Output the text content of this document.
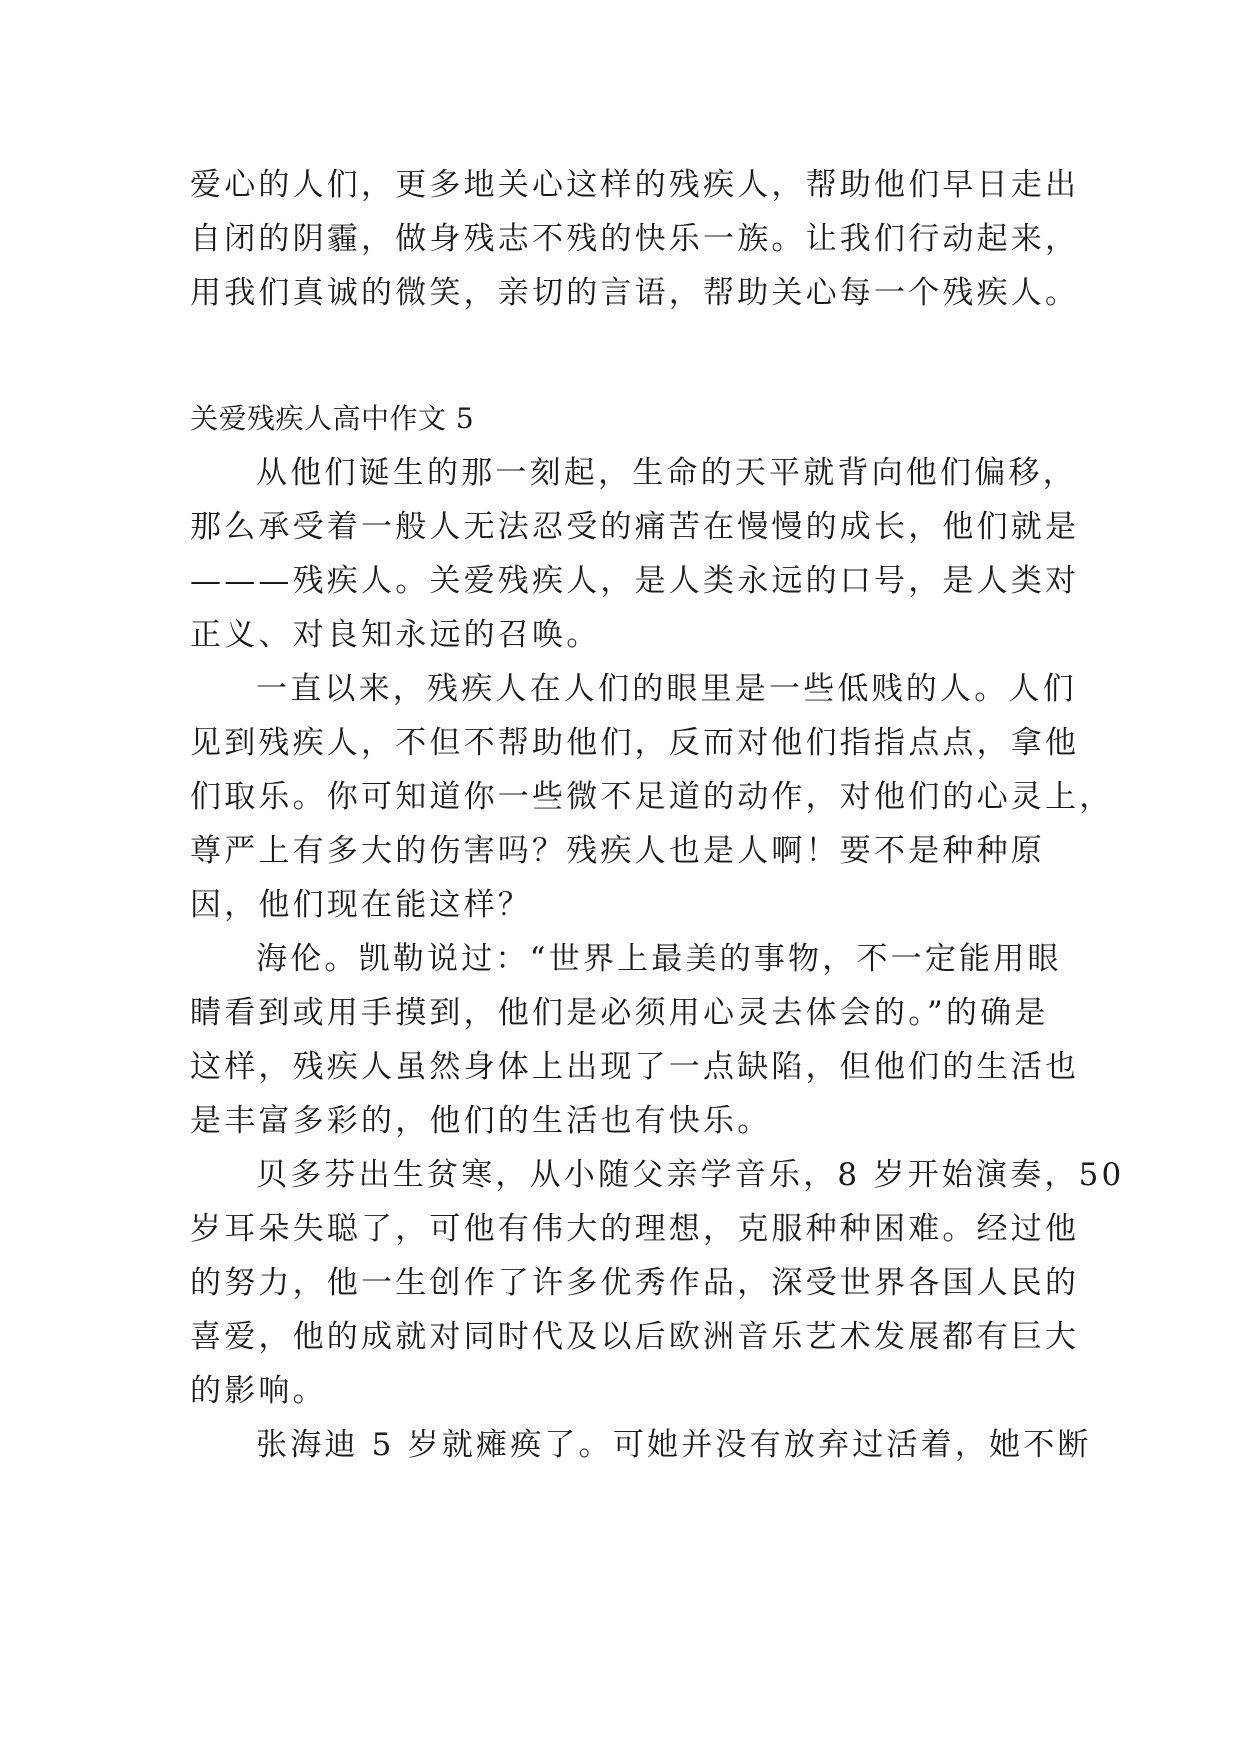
爱心的人们，更多地关心这样的残疾人，帮助他们早日走出
自闭的阴霾，做身残志不残的快乐一族。让我们行动起来，
用我们真诚的微笑，亲切的言语，帮助关心每一个残疾人。
关爱残疾人高中作文 5
从他们诞生的那一刻起，生命的天平就背向他们偏移，
那么承受着一般人无法忍受的痛苦在慢慢的成长，他们就是
———残疾人。关爱残疾人，是人类永远的口号，是人类对
正义、对良知永远的召唤。
一直以来，残疾人在人们的眼里是一些低贱的人。人们
见到残疾人，不但不帮助他们，反而对他们指指点点，拿他
们取乐。你可知道你一些微不足道的动作，对他们的心灵上，
尊严上有多大的伤害吗？残疾人也是人啊！要不是种种原
因，他们现在能这样？
海伦。凯勒说过：“世界上最美的事物，不一定能用眼
睛看到或用手摸到，他们是必须用心灵去体会的。”的确是
这样，残疾人虽然身体上出现了一点缺陷，但他们的生活也
是丰富多彩的，他们的生活也有快乐。
贝多芬出生贫寒，从小随父亲学音乐，8 岁开始演奏，50
岁耳朵失聪了，可他有伟大的理想，克服种种困难。经过他
的努力，他一生创作了许多优秀作品，深受世界各国人民的
喜爱，他的成就对同时代及以后欧洲音乐艺术发展都有巨大
的影响。
张海迪 5 岁就瘫痪了。可她并没有放弃过活着，她不断
